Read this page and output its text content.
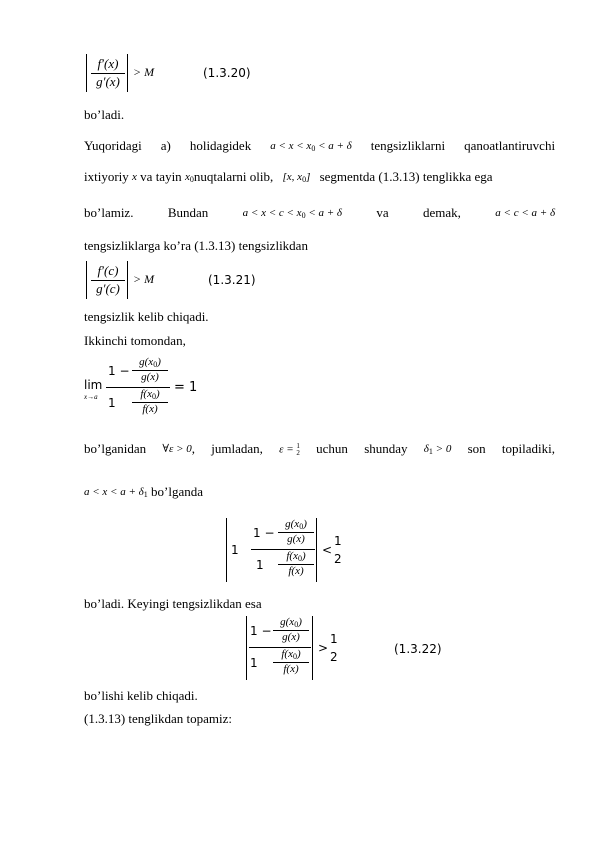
f′(x)
g′(x)
> M	(1.3.20)
bo’ladi.
Yuqoridagi a) holidagidek $a < x < x_0 < a + \delta$ tengsizliklarni qanoatlantiruvchi
ixtiyoriy x va tayin $x_0nuqtalarni$ olib, [x, $x_0$] segmentda (1.3.13) tenglikka ega
bo’lamiz.	Bundan	$a < x < c < x_0 < a + \delta$	va	demak,	a < c < a + δ
tengsizliklarga ko’ra (1.3.13) tengsizlikdan
f′(c)
g′(c)
> M	(1.3.21)
tengsizlik kelib chiqadi.
Ikkinchi tomondan,
lim
x→a
1 −
$g(x_0)$
g(x)
1
$f(x_0)$
f(x)
= 1
bo’lganidan ∀ε > 0, jumladan, ε = 1
2 uchun shunday $\delta_1 > 0$ son topiladiki,
$a < x < a + \delta_1$ bo’lganda
1
1 −
$g(x_0)$
g(x)
1
$f(x_0)$
f(x)
<
1
2
bo’ladi. Keyingi tengsizlikdan esa
1 −
$g(x_0)$
g(x)
1
$f(x_0)$
f(x)
>
1
2
(1.3.22)
bo’lishi kelib chiqadi.
(1.3.13) tenglikdan topamiz:
